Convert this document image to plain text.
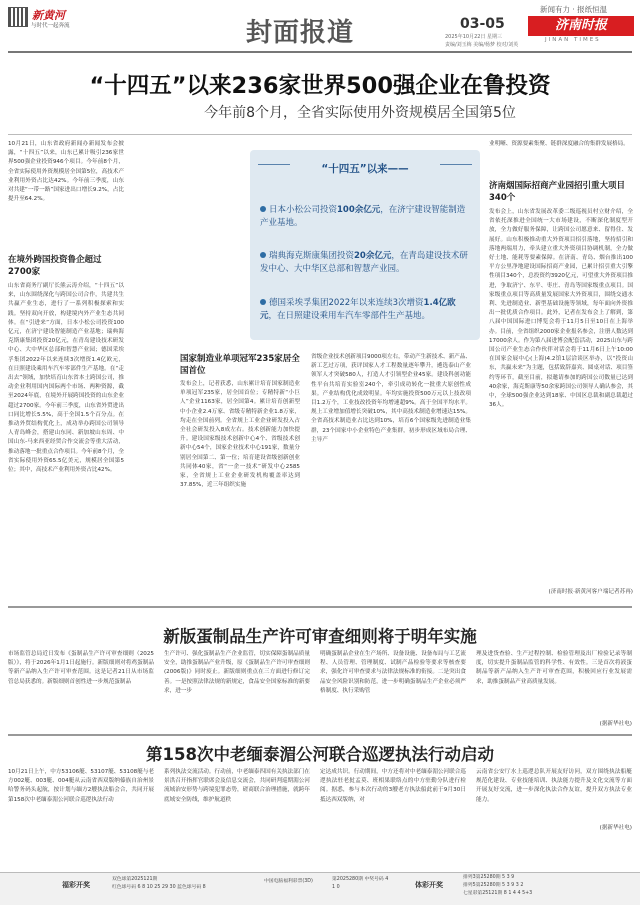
新黄河
与时代一起奔流	封面报道	03-05
新闻有力 · 报纸恒温
济南时报
JINAN TIMES
2025年10月22日 星期三
责编/刘玉梅 美编/杨梦 校对/刘英
“十四五”以来236家世界500强企业在鲁投资
今年前8个月，全省实际使用外资规模居全国第5位
10月21日，山东省政府新闻办新闻发布会披露，“十四五”以来，山东已累计吸引236家世界500强企业投资946个项目。今年前8个月，全省实际使用外资规模居全国第5位，高技术产业利用外资占比达42%。今年前三季度，山东对共建“一带一路”国家进出口增长9.2%，占比提升至64.2%。
在境外跨国投资鲁企超过2700家
山东省商务厅副厅长熊云涛介绍，“十四五”以来，山东围绕深化与跨国公司合作，共建共生共赢产业生态，进行了一系列积极探索和实践。坚持双向开放，构建境内外产业生态共同体。在“引进来”方面，日本小松公司投资100亿元，在济宁建设智能制造产业基地；瑞典海克斯康集团投资20亿元，在青岛建设技术研发中心、大中华区总部和智慧产业园；德国采埃孚集团2022年以来连续3次增资1.4亿欧元，在日照建设乘用车汽车零部件生产基地。在“走出去”领域，加快培育山东省本土跨国公司，推动企业利用国内国际两个市场、两种资源，截至2024年底，在境外开展跨国投资的山东企业超过2700家。今年前三季度，山东省外贸进出口同比增长5.5%，高于全国1.5个百分点。在推动外贸结构优化上，成功举办跨国公司领导人青岛峰会，搭建山东同、新加坡山东周、中国山东-马来西亚经贸合作交流会等重大活动，推动落地一批重点合作项目。今年前8个月，全省实际使用外资65.5亿美元，规模居全国第5位；其中，高技术产业利用外资占比42%。
“十四五”以来——
日本小松公司投资100余亿元，在济宁建设智能制造产业基地。
瑞典海克斯康集团投资20余亿元，在青岛建设技术研发中心、大中华区总部和智慧产业园。
德国采埃孚集团2022年以来连续3次增资1.4亿欧元，在日照建设乘用车汽车零部件生产基地。
国家制造业单项冠军235家居全国首位
发布会上，记者获悉，山东累计培育国家制造业单项冠军235家，居全国首位；专精特新“小巨人”企业1163家，居全国第4。累计培育创新型中小企业2.4万家、省级专精特新企业1.8万家，均走在全国前列。全省规上工业企业研发投入占全社会研发投入8成左右。技术创新能力加快提升。建设国家级技术创新中心4个、省级技术创新中心54个，国家企业技术中心191家，数量分别居全国第二、第一位；培育建设省级创新创业共同体40家，省“一企一技术”研发中心2585家，全省规上工业企业研发机构覆盖率达到37.85%，近三年组织实施
省级企业技术创新项目9000项左右，带动产生新技术、新产品、新工艺过万项，获评国家人才工程数量逐年攀升，遴选泰山产业领军人才突破580人，打造人才引领型企业45家。建设科创功能性平台共培育实验室240个，牵引成功转化一批重大原创性成果。产业结构优化成效明显。年均实施投资500万元以上技改项目1.2万个，工业技改投资年均增速超9%。高于全国平均水平。规上工业增加值增长突破10%，其中高技术制造业增速达15%。全省高技术制造业占比达到10%，培育6个国家级先进制造业集群，23个国家中小企业特色产业集群，初步形成区域布局合理、主导产
业明晰、资源要素集聚、链群深度融合的集群发展格局。
济南烟国际招商产业园招引重大项目340个
发布会上，山东省发展改革委二级巡视员村立财介绍，全省依托深推进全国统一大市场建设，不断深化制度型开放，全力做好服务保障，让跨国公司愿意来、留得住、发展好。山东积极推动重大外资项目招引落地，坚持招引和落地两端用力，牵头建立重大外资项目协调机制，全力做好土地、能耗等要素保障。在济南、青岛、烟台推出100平方公里净地建设国际招商产业园，已累计招引重大引擎性项目340个，总投资约3920亿元，可望重大外资项目推进，争取济宁、东平、枣庄、青岛等国家级重点项目。国家级重点项目等高质量发展国家大外资项目，围绕交通水利、先进制造业、新型基础设施等领域，每年面向外资推出一批优质合作项目。此外，记者在发布会上了解到，第八届中国国际进口博览会将于11月5日至10日在上海举办。目前，全省组织2000家企业报名参会，注册人数达到17000余人。作为第八届进博会配套活动，2025山东与跨国公司产业生态合作伙伴对话会将于11月6日上午10:00在国家会展中心(上海)4.2馆1层洽谈区举办，以“投资山东，共赢未来”为主题，包括致辞嘉宾、圆桌对话、项目签约等环节，截至目前，拟邀请参加的跨国公司数量已达到40余家，海克斯康等50余家跨国公司领导人确认参会，其中，全球500强企业达到18家、中国区总裁和副总裁超过36人。
(济南时报·新黄河客户端记者苏再)
新版蛋制品生产许可审查细则将于明年实施
市场监管总局近日发布《蛋制品生产许可审查细则（2025版）》，将于2026年1月1日起施行。新版细则对将鸡蛋制品等新产品纳入生产许可审查范围。这是记者21日从市场监管总局获悉的。新版细则首创性进一步规范蛋制品
生产许可、强化蛋制品生产企业监管，切实保障蛋制品质量安全，助推蛋制品产业升级，原《蛋制品生产许可审查细则(2006版)》同时废止。新版细则重点在三方面进行修订完善。一是按照法律法规的新规定，食品安全国家标准的新要求，进一步
明确蛋制品企业在生产场所、设备设施、设备布局与工艺流程、人员管理、管理制度、试制产品检验等要求等核查要求，强化许可审查要求与法律法规标准的衔接。二是突出食品安全风险识别和防范，进一步明确蛋制品生产企业必须严格制度、执行采购管
理及进货查验、生产过程控制、检验管理及出厂检验记录等制度，切实提升蛋制品监管的科学性、有效性。三是首次将液蛋制品等新产品纳入生产许可审查范围，积极回应行业发展需求，助推蛋制品产业高质量发展。
(据新华社电)
第158次中老缅泰湄公河联合巡逻执法行动启动
10月21日上午，中方53106艇、53107艇、53108艇与老方002艇、003艇、004艇从云南省西双版纳傣族自治州景哈警务码头起航，按计划与缅方2艘执法船会合，共同开展第158次中老缅泰湄公河联合巡逻执法行动
系列执法交流活动。行动前，中老缅泰四国有关执法部门在景洪召开指挥官联席会及信息交流会，共同研判巡期湄公河流域治安形势与跨境犯罪态势，磋商联合治理措施，就跨年底域安全防线，维护航道秩
定达成共识。行动期间，中方还将对中老缅泰湄公河联合巡逻执法驻老挝孟莫、班相果联络点的中方驻勤分队进行检阅。据悉，参与本次行动的3艘老方执法船此前于9月30日抵达西双版纳，对
云南省公安厅水上巡逻总队开展友好访问，双方围绕执法船艇规范化建设、专业技能培训、执法能力提升及文化交流等方面开展友好交流，进一步深化执法合作友谊，提升双方执法专业能力。
(据新华社电)
福彩开奖
双色球第2025121期
红色球号码 6 8 10 25 29 30 蓝色球号码 8
中国电脑福利彩票(3D)	第2025280期 中奖号码 4 1 0	体彩开奖
排列3第25280期 5 3 9
排列5第25280期 5 3 9 3 2
七星彩第25121期 8 1 4 4 5+3
